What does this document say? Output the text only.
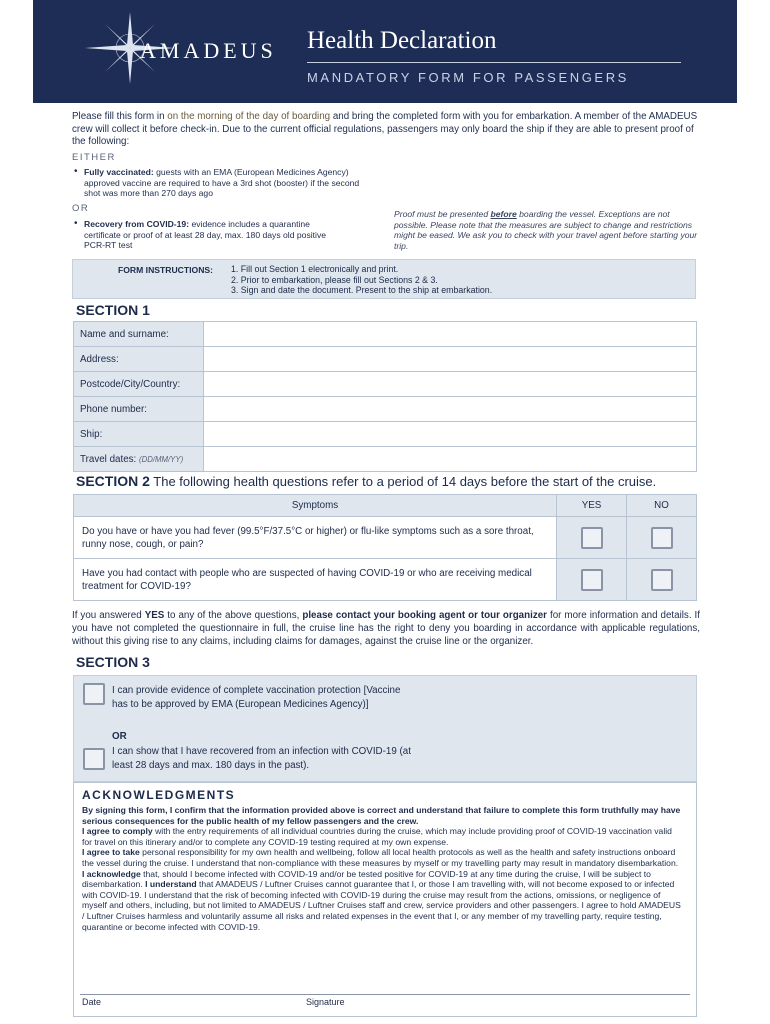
AMADEUS Health Declaration
MANDATORY FORM FOR PASSENGERS
Please fill this form in on the morning of the day of boarding and bring the completed form with you for embarkation. A member of the AMADEUS crew will collect it before check-in. Due to the current official regulations, passengers may only board the ship if they are able to present proof of the following:
EITHER
• Fully vaccinated: guests with an EMA (European Medicines Agency) approved vaccine are required to have a 3rd shot (booster) if the second shot was more than 270 days ago
OR
• Recovery from COVID-19: evidence includes a quarantine certificate or proof of at least 28 day, max. 180 days old positive PCR-RT test
Proof must be presented before boarding the vessel. Exceptions are not possible. Please note that the measures are subject to change and restrictions might be eased. We ask you to check with your travel agent before starting your trip.
FORM INSTRUCTIONS: 1. Fill out Section 1 electronically and print.
2. Prior to embarkation, please fill out Sections 2 & 3.
3. Sign and date the document. Present to the ship at embarkation.
SECTION 1
Name and surname:	
Address:	
Postcode/City/Country:	
Phone number:	
Ship:	
Travel dates: (DD/MM/YY)	
SECTION 2 The following health questions refer to a period of 14 days before the start of the cruise.
Symptoms	YES	NO
Do you have or have you had fever (99.5°F/37.5°C or higher) or flu-like symptoms such as a sore throat, runny nose, cough, or pain?		
Have you had contact with people who are suspected of having COVID-19 or who are receiving medical treatment for COVID-19?		
If you answered YES to any of the above questions, please contact your booking agent or tour organizer for more information and details. If you have not completed the questionnaire in full, the cruise line has the right to deny you boarding in accordance with applicable regulations, without this giving rise to any claims, including claims for damages, against the cruise line or the organizer.
SECTION 3
I can provide evidence of complete vaccination protection [Vaccine has to be approved by EMA (European Medicines Agency)]
OR
I can show that I have recovered from an infection with COVID-19 (at least 28 days and max. 180 days in the past).
ACKNOWLEDGMENTS
By signing this form, I confirm that the information provided above is correct and understand that failure to complete this form truthfully may have serious consequences for the public health of my fellow passengers and the crew.
I agree to comply with the entry requirements of all individual countries during the cruise, which may include providing proof of COVID-19 vaccination valid for travel on this itinerary and/or to complete any COVID-19 testing required at my own expense.
I agree to take personal responsibility for my own health and wellbeing, follow all local health protocols as well as the health and safety instructions onboard the vessel during the cruise. I understand that non-compliance with these measures by myself or my travelling party may result in mandatory disembarkation.
I acknowledge that, should I become infected with COVID-19 and/or be tested positive for COVID-19 at any time during the cruise, I will be subject to disembarkation. I understand that AMADEUS / Luftner Cruises cannot guarantee that I, or those I am travelling with, will not become exposed to or infected with COVID-19. I understand that the risk of becoming infected with COVID-19 during the cruise may result from the actions, omissions, or negligence of myself and others, including, but not limited to AMADEUS / Luftner Cruises staff and crew, service providers and other passengers. I agree to hold AMADEUS / Luftner Cruises harmless and voluntarily assume all risks and related expenses in the event that I, or any member of my travelling party, require testing, quarantine or become infected with COVID-19.
Date	Signature
